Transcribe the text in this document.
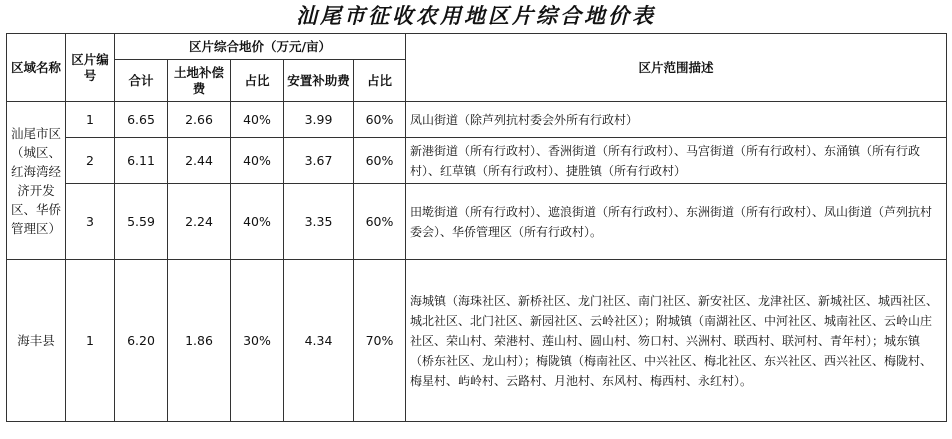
汕尾市征收农用地区片综合地价表
区域名称	区片编号	区片综合地价（万元/亩）					区片范围描述
		合计	土地补偿费	占比	安置补助费	占比	
汕尾市区（城区、红海湾经济开发区、华侨管理区）	1	6.65	2.66	40%	3.99	60%	凤山街道（除芦列抗村委会外所有行政村）
	2	6.11	2.44	40%	3.67	60%	新港街道（所有行政村）、香洲街道（所有行政村）、马宫街道（所有行政村）、东涌镇（所有行政村）、红草镇（所有行政村）、捷胜镇（所有行政村）
	3	5.59	2.24	40%	3.35	60%	田墘街道（所有行政村）、遮浪街道（所有行政村）、东洲街道（所有行政村）、凤山街道（芦列抗村委会）、华侨管理区（所有行政村）。
海丰县	1	6.20	1.86	30%	4.34	70%	海城镇（海珠社区、新桥社区、龙门社区、南门社区、新安社区、龙津社区、新城社区、城西社区、城北社区、北门社区、新园社区、云岭社区）；附城镇（南湖社区、中河社区、城南社区、云岭山庄社区、荣山村、荣港村、莲山村、圆山村、笏口村、兴洲村、联西村、联河村、青年村）；城东镇（桥东社区、龙山村）；梅陇镇（梅南社区、中兴社区、梅北社区、东兴社区、西兴社区、梅陇村、梅星村、屿岭村、云路村、月池村、东风村、梅西村、永红村）。
